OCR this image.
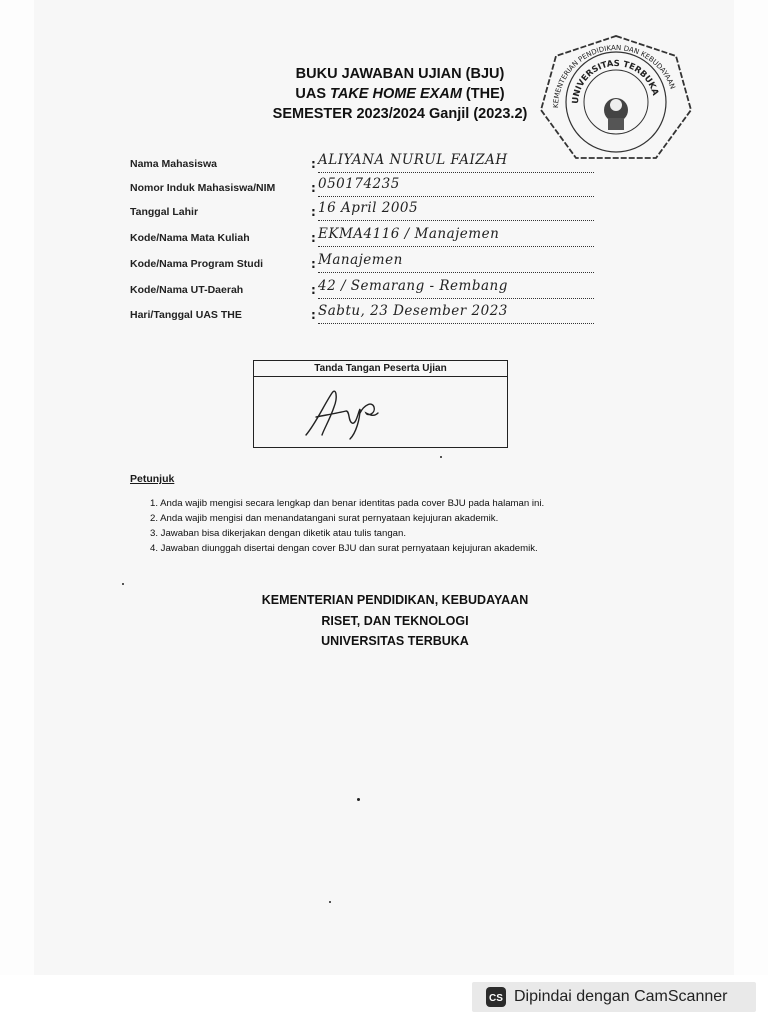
BUKU JAWABAN UJIAN (BJU)
UAS TAKE HOME EXAM (THE)
SEMESTER 2023/2024 Ganjil (2023.2)
KEMENTERIAN PENDIDIKAN DAN KEBUDAYAAN
UNIVERSITAS TERBUKA
Nama Mahasiswa	: ALIYANA NURUL FAIZAH
Nomor Induk Mahasiswa/NIM	: 050174235
Tanggal Lahir	: 16 April 2005
Kode/Nama Mata Kuliah	: EKMA4116 / Manajemen
Kode/Nama Program Studi	: Manajemen
Kode/Nama UT-Daerah	: 42 / Semarang - Rembang
Hari/Tanggal UAS THE	: Sabtu, 23 Desember 2023
Tanda Tangan Peserta Ujian
Petunjuk
1. Anda wajib mengisi secara lengkap dan benar identitas pada cover BJU pada halaman ini.
2. Anda wajib mengisi dan menandatangani surat pernyataan kejujuran akademik.
3. Jawaban bisa dikerjakan dengan diketik atau tulis tangan.
4. Jawaban diunggah disertai dengan cover BJU dan surat pernyataan kejujuran akademik.
KEMENTERIAN PENDIDIKAN, KEBUDAYAAN
RISET, DAN TEKNOLOGI
UNIVERSITAS TERBUKA
CS Dipindai dengan CamScanner
